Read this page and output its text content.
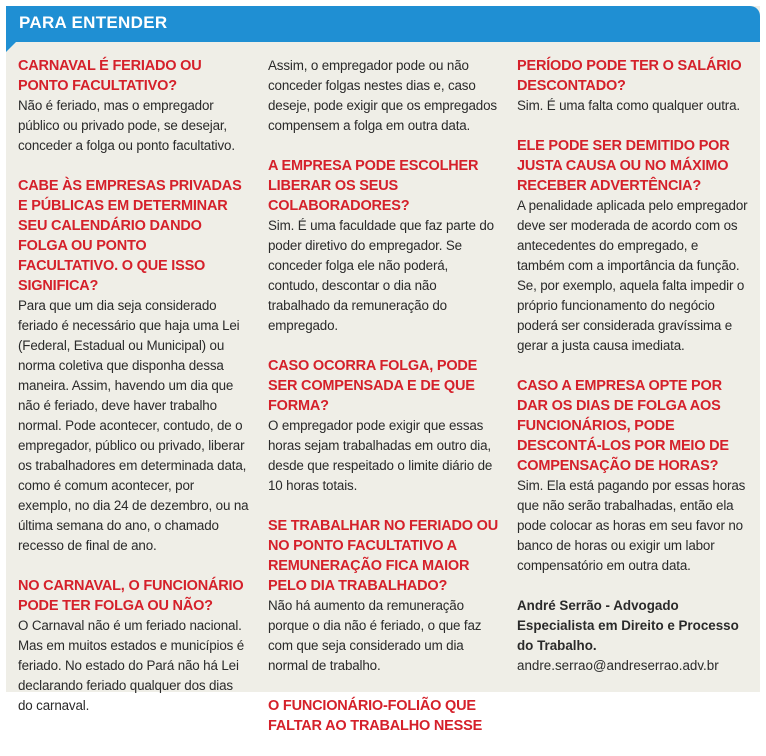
PARA ENTENDER

CARNAVAL É FERIADO OU PONTO FACULTATIVO?

Não é feriado, mas o empregador público ou privado pode, se desejar, conceder a folga ou ponto facultativo.

CABE ÀS EMPRESAS PRIVADAS E PÚBLICAS EM DETERMINAR SEU CALENDÁRIO DANDO FOLGA OU PONTO FACULTATIVO. O QUE ISSO SIGNIFICA?

Para que um dia seja considerado feriado é necessário que haja uma Lei (Federal, Estadual ou Municipal) ou norma coletiva que disponha dessa maneira. Assim, havendo um dia que não é feriado, deve haver trabalho normal. Pode acontecer, contudo, de o empregador, público ou privado, liberar os trabalhadores em determinada data, como é comum acontecer, por exemplo, no dia 24 de dezembro, ou na última semana do ano, o chamado recesso de final de ano.

NO CARNAVAL, O FUNCIONÁRIO PODE TER FOLGA OU NÃO?

O Carnaval não é um feriado nacional. Mas em muitos estados e municípios é feriado. No estado do Pará não há Lei declarando feriado qualquer dos dias do carnaval.

Assim, o empregador pode ou não conceder folgas nestes dias e, caso deseje, pode exigir que os empregados compensem a folga em outra data.

A EMPRESA PODE ESCOLHER LIBERAR OS SEUS COLABORADORES?

Sim. É uma faculdade que faz parte do poder diretivo do empregador. Se conceder folga ele não poderá, contudo, descontar o dia não trabalhado da remuneração do empregado.

CASO OCORRA FOLGA, PODE SER COMPENSADA E DE QUE FORMA?

O empregador pode exigir que essas horas sejam trabalhadas em outro dia, desde que respeitado o limite diário de 10 horas totais.

SE TRABALHAR NO FERIADO OU NO PONTO FACULTATIVO A REMUNERAÇÃO FICA MAIOR PELO DIA TRABALHADO?

Não há aumento da remuneração porque o dia não é feriado, o que faz com que seja considerado um dia normal de trabalho.

O FUNCIONÁRIO-FOLIÃO QUE FALTAR AO TRABALHO NESSE

PERÍODO PODE TER O SALÁRIO DESCONTADO?

Sim. É uma falta como qualquer outra.

ELE PODE SER DEMITIDO POR JUSTA CAUSA OU NO MÁXIMO RECEBER ADVERTÊNCIA?

A penalidade aplicada pelo empregador deve ser moderada de acordo com os antecedentes do empregado, e também com a importância da função. Se, por exemplo, aquela falta impedir o próprio funcionamento do negócio poderá ser considerada gravíssima e gerar a justa causa imediata.

CASO A EMPRESA OPTE POR DAR OS DIAS DE FOLGA AOS FUNCIONÁRIOS, PODE DESCONTÁ-LOS POR MEIO DE COMPENSAÇÃO DE HORAS?

Sim. Ela está pagando por essas horas que não serão trabalhadas, então ela pode colocar as horas em seu favor no banco de horas ou exigir um labor compensatório em outra data.

André Serrão - Advogado Especialista em Direito e Processo do Trabalho.

andre.serrao@andreserrao.adv.br
